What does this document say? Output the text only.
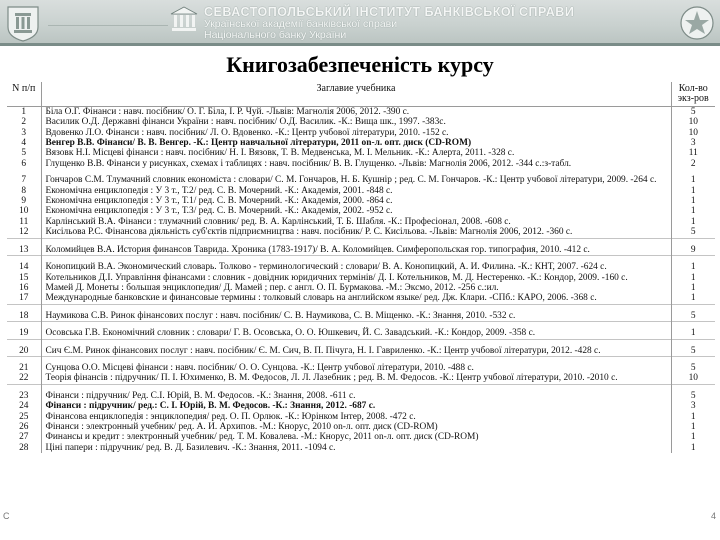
СЕВАСТОПОЛЬСЬКИЙ ІНСТИТУТ БАНКІВСЬКОЇ СПРАВИ
Української академії банківської справи
Національного банку України
Книгозабезпеченість курсу
N п/п	Заглавие учебника	Кол-во экз-ров
1	Біла О.Г. Фінанси : навч. посібник/ О. Г. Біла, І. Р. Чуй. -Львів: Магнолія 2006, 2012. -390 с.	5
2	Василик О.Д. Державні фінанси України : навч. посібник/ О.Д. Василик. -К.: Вища шк., 1997. -383с.	10
3	Вдовенко Л.О. Фінанси : навч. посібник/ Л. О. Вдовенко. -К.: Центр учбової літератури, 2010. -152 с.	10
4	Венгер В.В. Фінанси/ В. В. Венгер. -К.: Центр навчальної літератури, 2011 on-л. опт. диск (CD-ROM)	3
5	Вязовк Н.І. Місцеві фінанси : навч. посібник/ Н. І. Вязовк, Т. В. Медвенська, М. І. Мельник. -К.: Алерта, 2011. -328 с.	11
6	Глущенко В.В. Фінанси у рисунках, схемах і таблицях : навч. посібник/ В. В. Глущенко. -Львів: Магнолія 2006, 2012. -344 с.:з-табл.	2
7	Гончаров С.М. Тлумачний словник економіста : словари/ С. М. Гончаров, Н. Б. Кушнір ; ред. С. М. Гончаров. -К.: Центр учбової літератури, 2009. -264 с.	1
8	Економічна енциклопедія : У 3 т., Т.2/ ред. С. В. Мочерний. -К.: Академія, 2001. -848 с.	1
9	Економічна енциклопедія : У 3 т., Т.1/ ред. С. В. Мочерний. -К.: Академія, 2000. -864 с.	1
10	Економічна енциклопедія : У 3 т., Т.3/ ред. С. В. Мочерний. -К.: Академія, 2002. -952 с.	1
11	Карлінський В.А. Фінанси : тлумачний словник/ ред. В. А. Карлінський, Т. Б. Шабля. -К.: Професіонал, 2008. -608 с.	1
12	Кисільова Р.С. Фінансова діяльність суб'єктів підприємництва : навч. посібник/ Р. С. Кисільова. -Львів: Магнолія 2006, 2012. -360 с.	5
13	Коломийцев В.А. История финансов Таврида. Хроника (1783-1917)/ В. А. Коломийцев. Симферопольская гор. типография, 2010. -412 с.	9
14	Конопицкий В.А. Экономический словарь. Толково - терминологический : словари/ В. А. Конопицкий, А. И. Филина. -К.: КНТ, 2007. -624 с.	1
15	Котельников Д.І. Управління фінансами : словник - довідник юридичних термінів/ Д. І. Котельников, М. Д. Нестеренко. -К.: Кондор, 2009. -160 с.	1
16	Мамей Д. Монеты : большая энциклопедия/ Д. Мамей ; пер. с англ. О. П. Бурмакова. -М.: Эксмо, 2012. -256 с.:ил.	1
17	Международные банковские и финансовые термины : толковый словарь на английском языке/ ред. Дж. Клари. -СПб.: КАРО, 2006. -368 с.	1
18	Наумикова С.В. Ринок фінансових послуг : навч. посібник/ С. В. Наумикова, С. В. Міщенко. -К.: Знання, 2010. -532 с.	5
19	Осовська Г.В. Економічний словник : словари/ Г. В. Осовська, О. О. Юшкевич, Й. С. Завадський. -К.: Кондор, 2009. -358 с.	1
20	Сич Є.М. Ринок фінансових послуг : навч. посібник/ Є. М. Сич, В. П. Пічуга, Н. І. Гавриленко. -К.: Центр учбової літератури, 2012. -428 с.	5
21	Сунцова О.О. Місцеві фінанси : навч. посібник/ О. О. Сунцова. -К.: Центр учбової літератури, 2010. -488 с.	5
22	Теорія фінансів : підручник/ П. І. Юхименко, В. М. Федосов, Л. Л. Лазебник ; ред. В. М. Федосов. -К.: Центр учбової літератури, 2010. -2010 с.	10
23	Фінанси : підручник/ Ред. С.І. Юрій, В. М. Федосов. -К.: Знання, 2008. -611 с.	5
24	Фінанси : підручник/ ред.: С. І. Юрій, В. М. Федосов. -К.: Знання, 2012. -687 с.	3
25	Фінансова енциклопедія : энциклопедия/ ред. О. П. Орлюк. -К.: Юрінком Інтер, 2008. -472 с.	1
26	Фінанси : электронный учебник/ ред. А. И. Архипов. -М.: Кнорус, 2010 on-л. опт. диск (CD-ROM)	1
27	Финансы и кредит : электронный учебник/ ред. Т. М. Ковалева. -М.: Кнорус, 2011 on-л. опт. диск (CD-ROM)	1
28	Ціні папери : підручник/ ред. В. Д. Базилевич. -К.: Знання, 2011. -1094 с.	1
С	4
